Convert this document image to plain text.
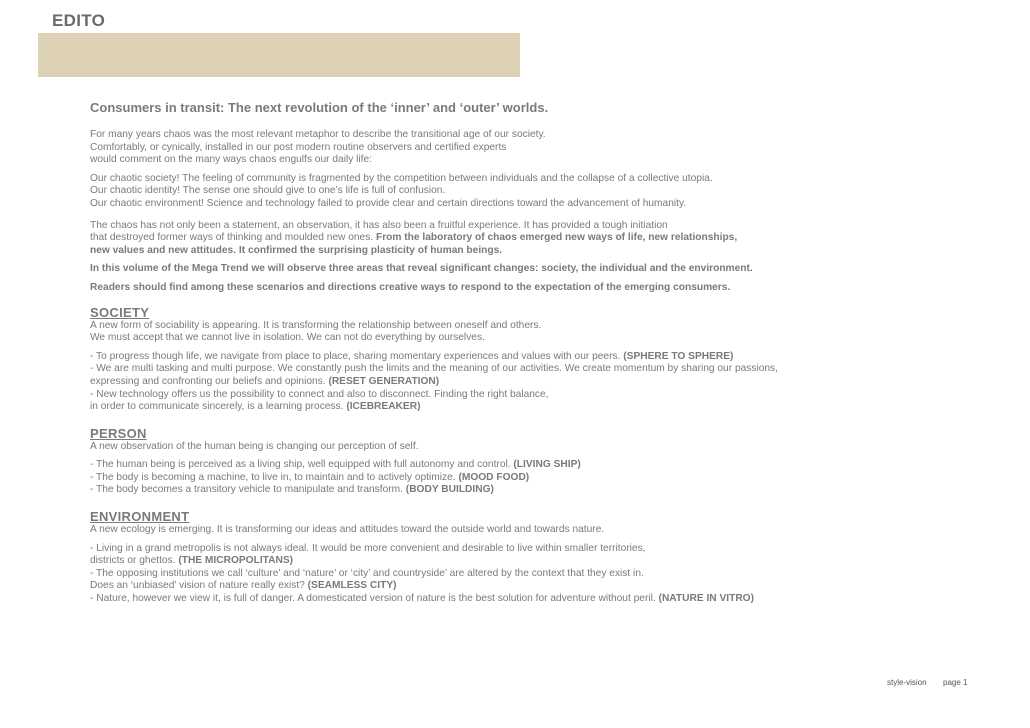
EDITO
Consumers in transit: The next revolution of the ‘inner’ and ‘outer’ worlds.
For many years chaos was the most relevant metaphor to describe the transitional age of our society.
Comfortably, or cynically, installed in our post modern routine observers and certified experts
would comment on the many ways chaos engulfs our daily life:
Our chaotic society! The feeling of community is fragmented by the competition between individuals and the collapse of a collective utopia.
Our chaotic identity! The sense one should give to one’s life is full of confusion.
Our chaotic environment! Science and technology failed to provide clear and certain directions toward the advancement of humanity.
The chaos has not only been a statement, an observation, it has also been a fruitful experience. It has provided a tough initiation
that destroyed former ways of thinking and moulded new ones. From the laboratory of chaos emerged new ways of life, new relationships,
new values and new attitudes. It confirmed the surprising plasticity of human beings.
In this volume of the Mega Trend we will observe three areas that reveal significant changes: society, the individual and the environment.
Readers should find among these scenarios and directions creative ways to respond to the expectation of the emerging consumers.
SOCIETY
A new form of sociability is appearing. It is transforming the relationship between oneself and others.
We must accept that we cannot live in isolation. We can not do everything by ourselves.
- To progress though life, we navigate from place to place, sharing momentary experiences and values with our peers. (SPHERE TO SPHERE)
- We are multi tasking and multi purpose. We constantly push the limits and the meaning of our activities. We create momentum by sharing our passions,
expressing and confronting our beliefs and opinions. (RESET GENERATION)
- New technology offers us the possibility to connect and also to disconnect. Finding the right balance,
in order to communicate sincerely, is a learning process. (ICEBREAKER)
PERSON
A new observation of the human being is changing our perception of self.
- The human being is perceived as a living ship, well equipped with full autonomy and control. (LIVING SHIP)
- The body is becoming a machine, to live in, to maintain and to actively optimize. (MOOD FOOD)
- The body becomes a transitory vehicle to manipulate and transform. (BODY BUILDING)
ENVIRONMENT
A new ecology is emerging. It is transforming our ideas and attitudes toward the outside world and towards nature.
- Living in a grand metropolis is not always ideal. It would be more convenient and desirable to live within smaller territories,
districts or ghettos. (THE MICROPOLITANS)
- The opposing institutions we call ‘culture’ and ‘nature’ or ‘city’ and countryside’ are altered by the context that they exist in.
Does an ‘unbiased’ vision of nature really exist? (SEAMLESS CITY)
- Nature, however we view it, is full of danger. A domesticated version of nature is the best solution for adventure without peril. (NATURE IN VITRO)
style-vision page 1
